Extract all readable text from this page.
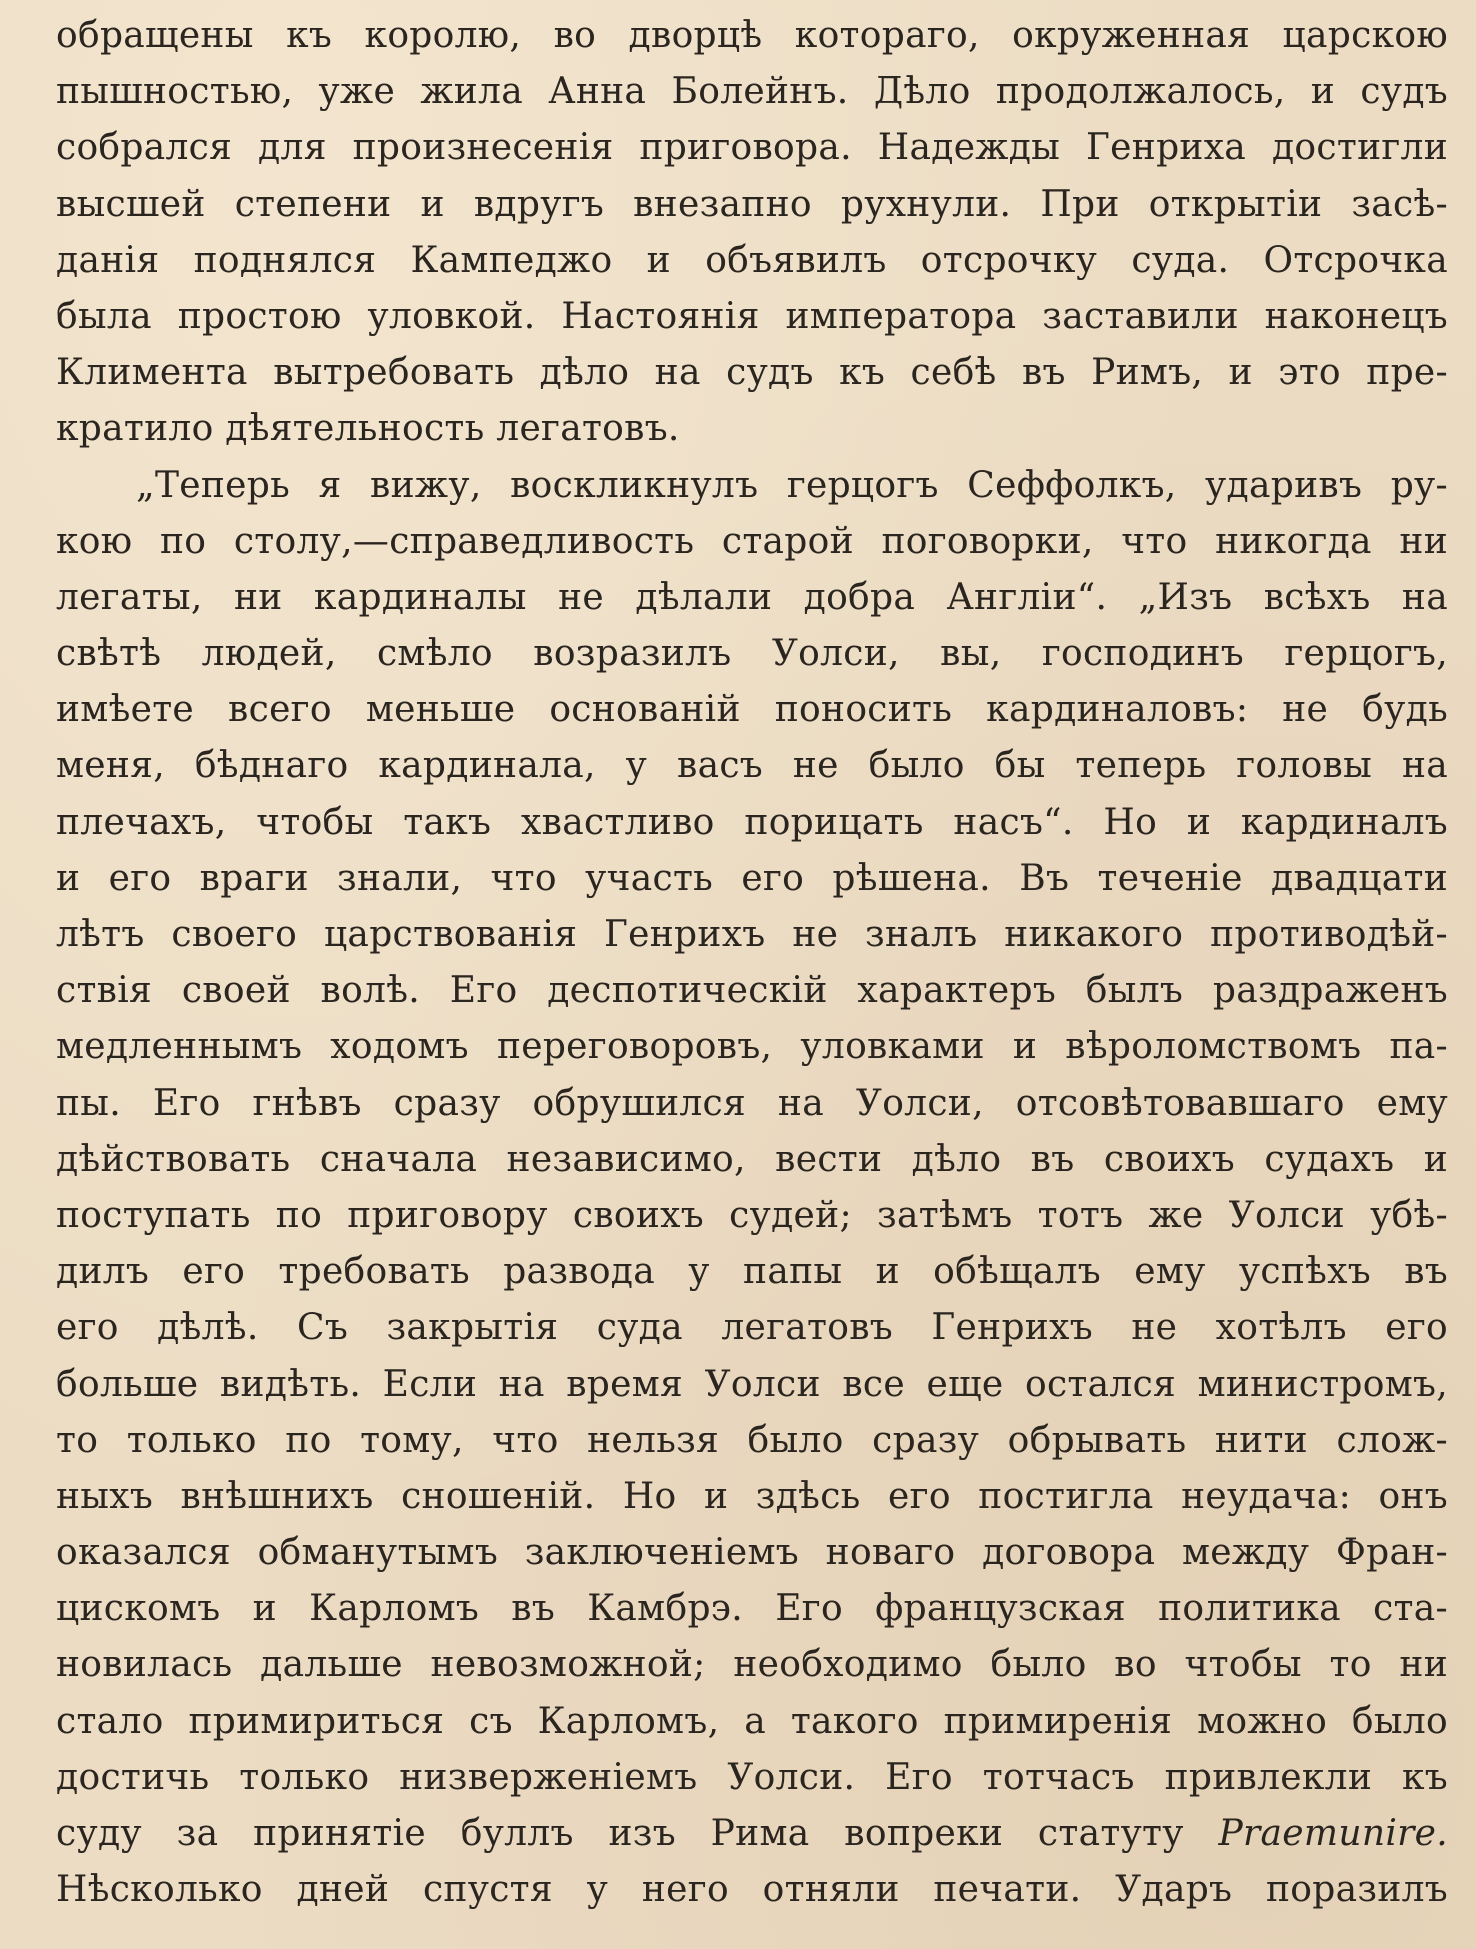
обращены къ королю, во дворцѣ котораго, окруженная царскою
пышностью, уже жила Анна Болейнъ. Дѣло продолжалось, и судъ
собрался для произнесенія приговора. Надежды Генриха достигли
высшей степени и вдругъ внезапно рухнули. При открытіи засѣ-
данія поднялся Кампеджо и объявилъ отсрочку суда. Отсрочка
была простою уловкой. Настоянія императора заставили наконецъ
Климента вытребовать дѣло на судъ къ себѣ въ Римъ, и это пре-
кратило дѣятельность легатовъ.
„Теперь я вижу, воскликнулъ герцогъ Сеффолкъ, ударивъ ру-
кою по столу,—справедливость старой поговорки, что никогда ни
легаты, ни кардиналы не дѣлали добра Англіи“. „Изъ всѣхъ на
свѣтѣ людей, смѣло возразилъ Уолси, вы, господинъ герцогъ,
имѣете всего меньше основаній поносить кардиналовъ: не будь
меня, бѣднаго кардинала, у васъ не было бы теперь головы на
плечахъ, чтобы такъ хвастливо порицать насъ“. Но и кардиналъ
и его враги знали, что участь его рѣшена. Въ теченіе двадцати
лѣтъ своего царствованія Генрихъ не зналъ никакого противодѣй-
ствія своей волѣ. Его деспотическій характеръ былъ раздраженъ
медленнымъ ходомъ переговоровъ, уловками и вѣроломствомъ па-
пы. Его гнѣвъ сразу обрушился на Уолси, отсовѣтовавшаго ему
дѣйствовать сначала независимо, вести дѣло въ своихъ судахъ и
поступать по приговору своихъ судей; затѣмъ тотъ же Уолси убѣ-
дилъ его требовать развода у папы и обѣщалъ ему успѣхъ въ
его дѣлѣ. Съ закрытія суда легатовъ Генрихъ не хотѣлъ его
больше видѣть. Если на время Уолси все еще остался министромъ,
то только по тому, что нельзя было сразу обрывать нити слож-
ныхъ внѣшнихъ сношеній. Но и здѣсь его постигла неудача: онъ
оказался обманутымъ заключеніемъ новаго договора между Фран-
цискомъ и Карломъ въ Камбрэ. Его французская политика ста-
новилась дальше невозможной; необходимо было во чтобы то ни
стало примириться съ Карломъ, а такого примиренія можно было
достичь только низверженіемъ Уолси. Его тотчасъ привлекли къ
суду за принятіе буллъ изъ Рима вопреки статуту Praemunire.
Нѣсколько дней спустя у него отняли печати. Ударъ поразилъ
